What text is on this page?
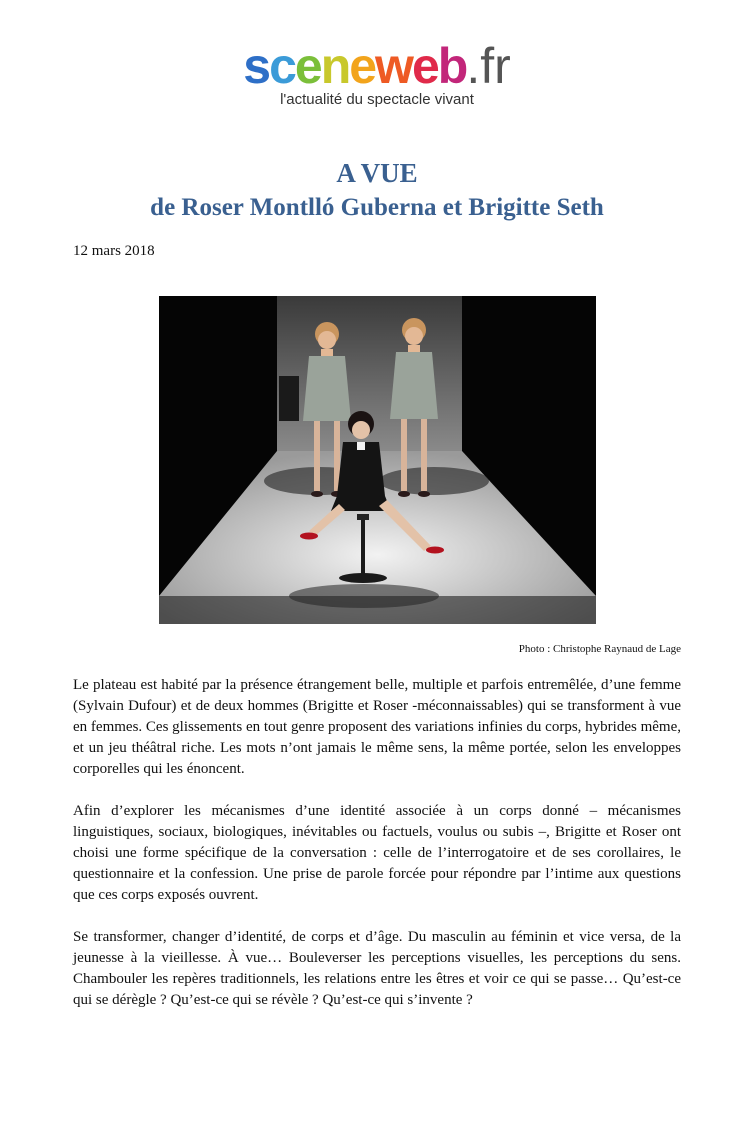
sceneweb.fr
l'actualité du spectacle vivant
A VUE
de Roser Montlló Guberna et Brigitte Seth
12 mars 2018
Photo : Christophe Raynaud de Lage

Le plateau est habité par la présence étrangement belle, multiple et parfois entremêlée, d’une femme (Sylvain Dufour) et de deux hommes (Brigitte et Roser -méconnaissables) qui se transforment à vue en femmes. Ces glissements en tout genre proposent des variations infinies du corps, hybrides même, et un jeu théâtral riche. Les mots n’ont jamais le même sens, la même portée, selon les enveloppes corporelles qui les énoncent.

Afin d’explorer les mécanismes d’une identité associée à un corps donné – mécanismes linguistiques, sociaux, biologiques, inévitables ou factuels, voulus ou subis –, Brigitte et Roser ont choisi une forme spécifique de la conversation : celle de l’interrogatoire et de ses corollaires, le questionnaire et la confession. Une prise de parole forcée pour répondre par l’intime aux questions que ces corps exposés ouvrent.

Se transformer, changer d’identité, de corps et d’âge. Du masculin au féminin et vice versa, de la jeunesse à la vieillesse. À vue… Bouleverser les perceptions visuelles, les perceptions du sens. Chambouler les repères traditionnels, les relations entre les êtres et voir ce qui se passe… Qu’est-ce qui se dérègle ? Qu’est-ce qui se révèle ? Qu’est-ce qui s’invente ?
